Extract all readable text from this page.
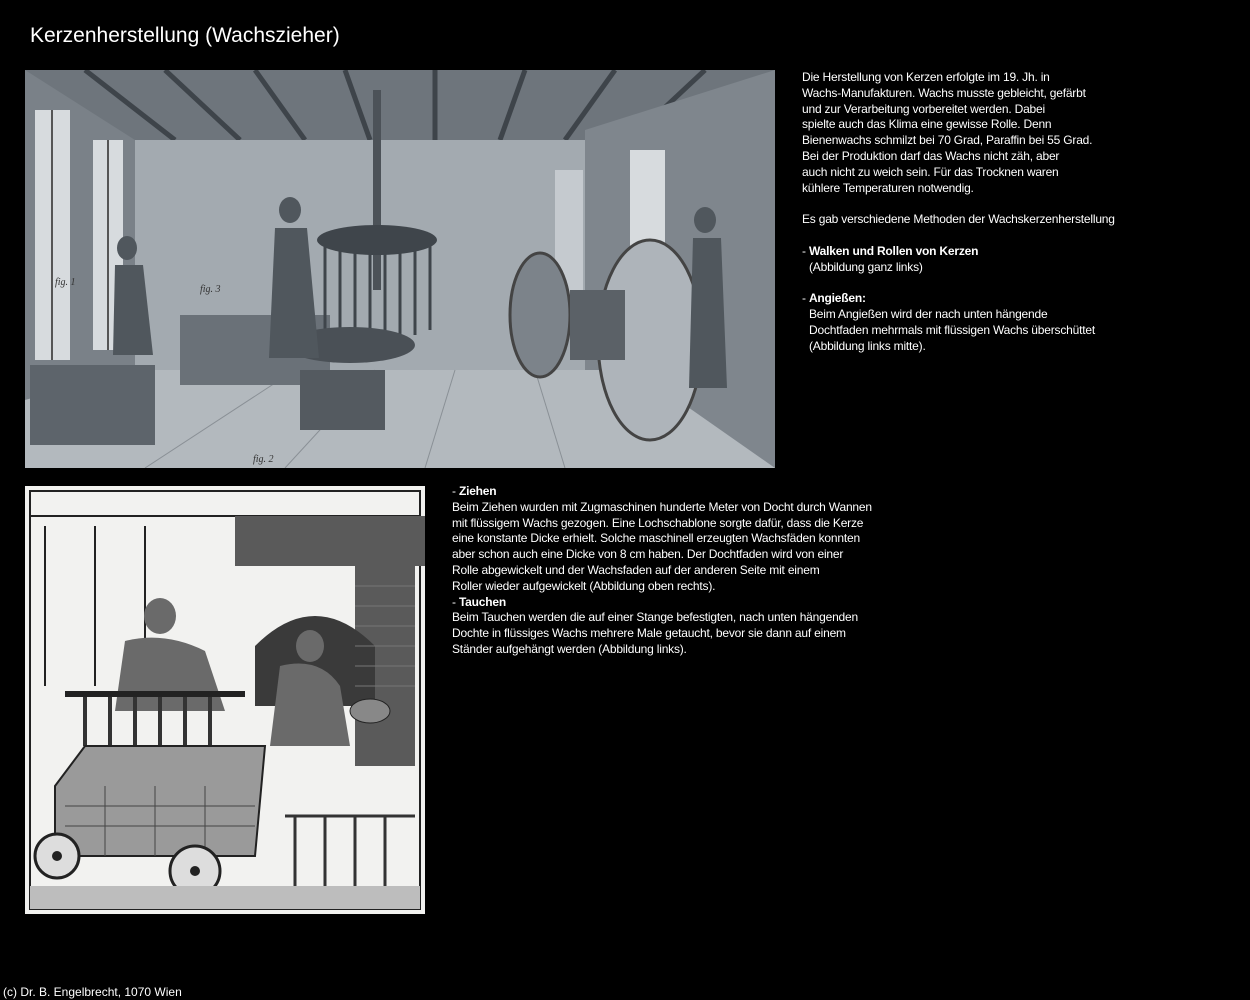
Kerzenherstellung (Wachszieher)
fig. 1
fig. 3
fig. 2

Die Herstellung von Kerzen erfolgte im 19. Jh. in

Wachs-Manufakturen. Wachs musste gebleicht, gefärbt

und zur Verarbeitung vorbereitet werden. Dabei

spielte auch das Klima eine gewisse Rolle. Denn

Bienenwachs schmilzt bei 70 Grad, Paraffin bei 55 Grad.

Bei der Produktion darf das Wachs nicht zäh, aber

auch nicht zu weich sein. Für das Trocknen waren

kühlere Temperaturen notwendig.

Es gab verschiedene Methoden der Wachskerzenherstellung

- Walken und Rollen von Kerzen

(Abbildung ganz links)

- Angießen:

Beim Angießen wird der nach unten hängende

Dochtfaden mehrmals mit flüssigen Wachs überschüttet

(Abbildung links mitte).

- Ziehen

Beim Ziehen wurden mit Zugmaschinen hunderte Meter von Docht durch Wannen

mit flüssigem Wachs gezogen. Eine Lochschablone sorgte dafür, dass die Kerze

eine konstante Dicke erhielt. Solche maschinell erzeugten Wachsfäden konnten

aber schon auch eine Dicke von 8 cm haben. Der Dochtfaden wird von einer

Rolle abgewickelt und der Wachsfaden auf der anderen Seite mit einem

Roller wieder aufgewickelt (Abbildung oben rechts).

- Tauchen

Beim Tauchen werden die auf einer Stange befestigten, nach unten hängenden

Dochte in flüssiges Wachs mehrere Male getaucht, bevor sie dann auf einem

Ständer aufgehängt werden (Abbildung links).

(c) Dr. B. Engelbrecht, 1070 Wien
